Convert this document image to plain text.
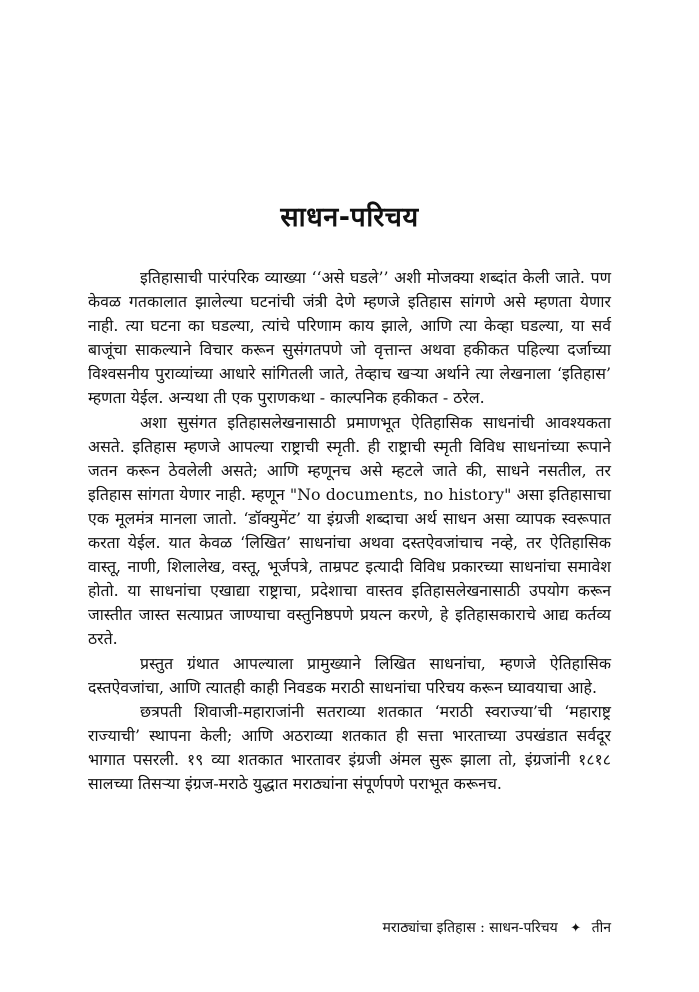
साधन-परिचय

इतिहासाची पारंपरिक व्याख्या ‘‘असे घडले’’ अशी मोजक्या शब्दांत केली जाते. पण केवळ गतकालात झालेल्या घटनांची जंत्री देणे म्हणजे इतिहास सांगणे असे म्हणता येणार नाही. त्या घटना का घडल्या, त्यांचे परिणाम काय झाले, आणि त्या केव्हा घडल्या, या सर्व बाजूंचा साकल्याने विचार करून सुसंगतपणे जो वृत्तान्त अथवा हकीकत पहिल्या दर्जाच्या विश्वसनीय पुराव्यांच्या आधारे सांगितली जाते, तेव्हाच खऱ्या अर्थाने त्या लेखनाला ‘इतिहास’ म्हणता येईल. अन्यथा ती एक पुराणकथा - काल्पनिक हकीकत - ठरेल.

अशा सुसंगत इतिहासलेखनासाठी प्रमाणभूत ऐतिहासिक साधनांची आवश्यकता असते. इतिहास म्हणजे आपल्या राष्ट्राची स्मृती. ही राष्ट्राची स्मृती विविध साधनांच्या रूपाने जतन करून ठेवलेली असते; आणि म्हणूनच असे म्हटले जाते की, साधने नसतील, तर इतिहास सांगता येणार नाही. म्हणून "No documents, no history" असा इतिहासाचा एक मूलमंत्र मानला जातो. ‘डॉक्युमेंट’ या इंग्रजी शब्दाचा अर्थ साधन असा व्यापक स्वरूपात करता येईल. यात केवळ ‘लिखित’ साधनांचा अथवा दस्तऐवजांचाच नव्हे, तर ऐतिहासिक वास्तू, नाणी, शिलालेख, वस्तू, भूर्जपत्रे, ताम्रपट इत्यादी विविध प्रकारच्या साधनांचा समावेश होतो. या साधनांचा एखाद्या राष्ट्राचा, प्रदेशाचा वास्तव इतिहासलेखनासाठी उपयोग करून जास्तीत जास्त सत्याप्रत जाण्याचा वस्तुनिष्ठपणे प्रयत्न करणे, हे इतिहासकाराचे आद्य कर्तव्य ठरते.

प्रस्तुत ग्रंथात आपल्याला प्रामुख्याने लिखित साधनांचा, म्हणजे ऐतिहासिक दस्तऐवजांचा, आणि त्यातही काही निवडक मराठी साधनांचा परिचय करून घ्यावयाचा आहे.

छत्रपती शिवाजी-महाराजांनी सतराव्या शतकात ‘मराठी स्वराज्या’ची ‘महाराष्ट्र राज्याची’ स्थापना केली; आणि अठराव्या शतकात ही सत्ता भारताच्या उपखंडात सर्वदूर भागात पसरली. १९ व्या शतकात भारतावर इंग्रजी अंमल सुरू झाला तो, इंग्रजांनी १८१८ सालच्या तिसऱ्या इंग्रज-मराठे युद्धात मराठ्यांना संपूर्णपणे पराभूत करूनच.

मराठ्यांचा इतिहास : साधन-परिचय ✦ तीन
